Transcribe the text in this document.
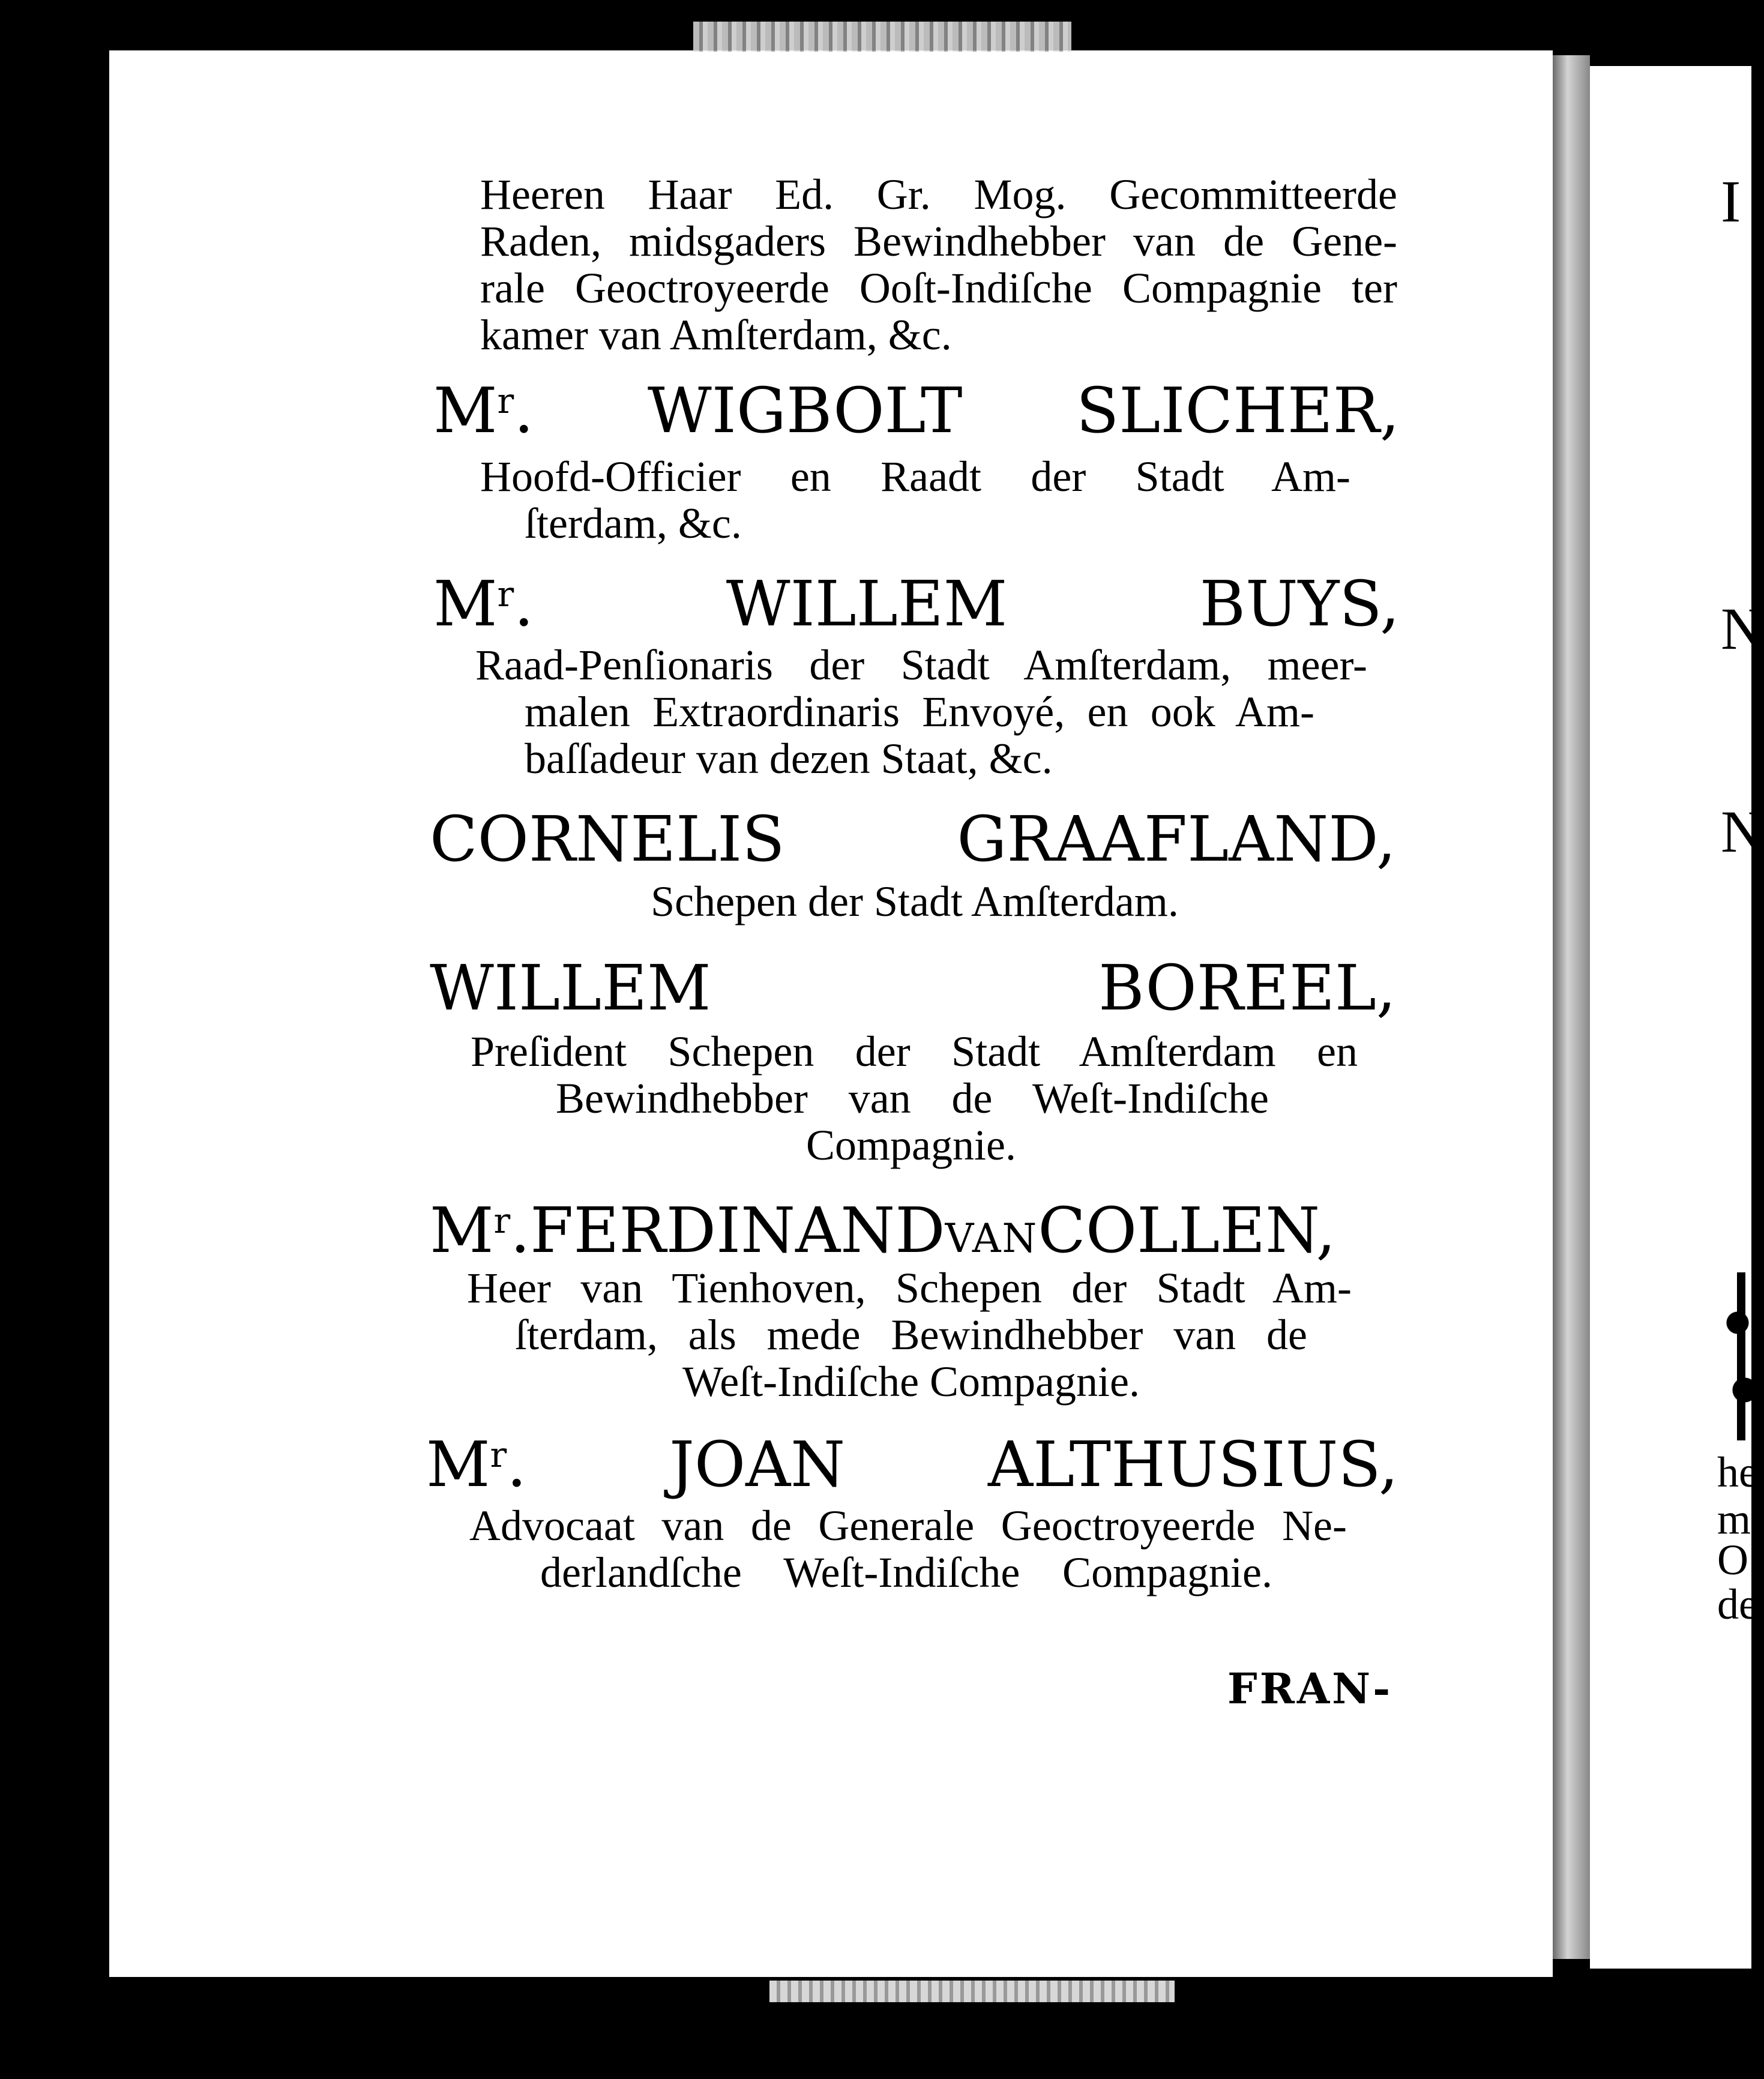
I
N
N
he
m
O
de

Heeren Haar Ed. Gr. Mog. Gecommitteerde

Raden, midsgaders Bewindhebber van de Gene-

rale Geoctroyeerde Ooſt-Indiſche Compagnie ter

kamer van Amſterdam, &c.

$M^r$. WIGBOLT SLICHER,

Hoofd-Officier en Raadt der Stadt Am-

ſterdam, &c.

$M^r$. WILLEM BUYS,

Raad-Penſionaris der Stadt Amſterdam, meer-

malen Extraordinaris Envoyé, en ook Am-

baſſadeur van dezen Staat, &c.

CORNELIS GRAAFLAND,

Schepen der Stadt Amſterdam.

WILLEM BOREEL,

Preſident Schepen der Stadt Amſterdam en

Bewindhebber van de Weſt-Indiſche

Compagnie.

$M^r.FERDINANDVANCOLLEN$,

Heer van Tienhoven, Schepen der Stadt Am-

ſterdam, als mede Bewindhebber van de

Weſt-Indiſche Compagnie.

$M^r$. JOAN ALTHUSIUS,

Advocaat van de Generale Geoctroyeerde Ne-

derlandſche Weſt-Indiſche Compagnie.

FRAN-
